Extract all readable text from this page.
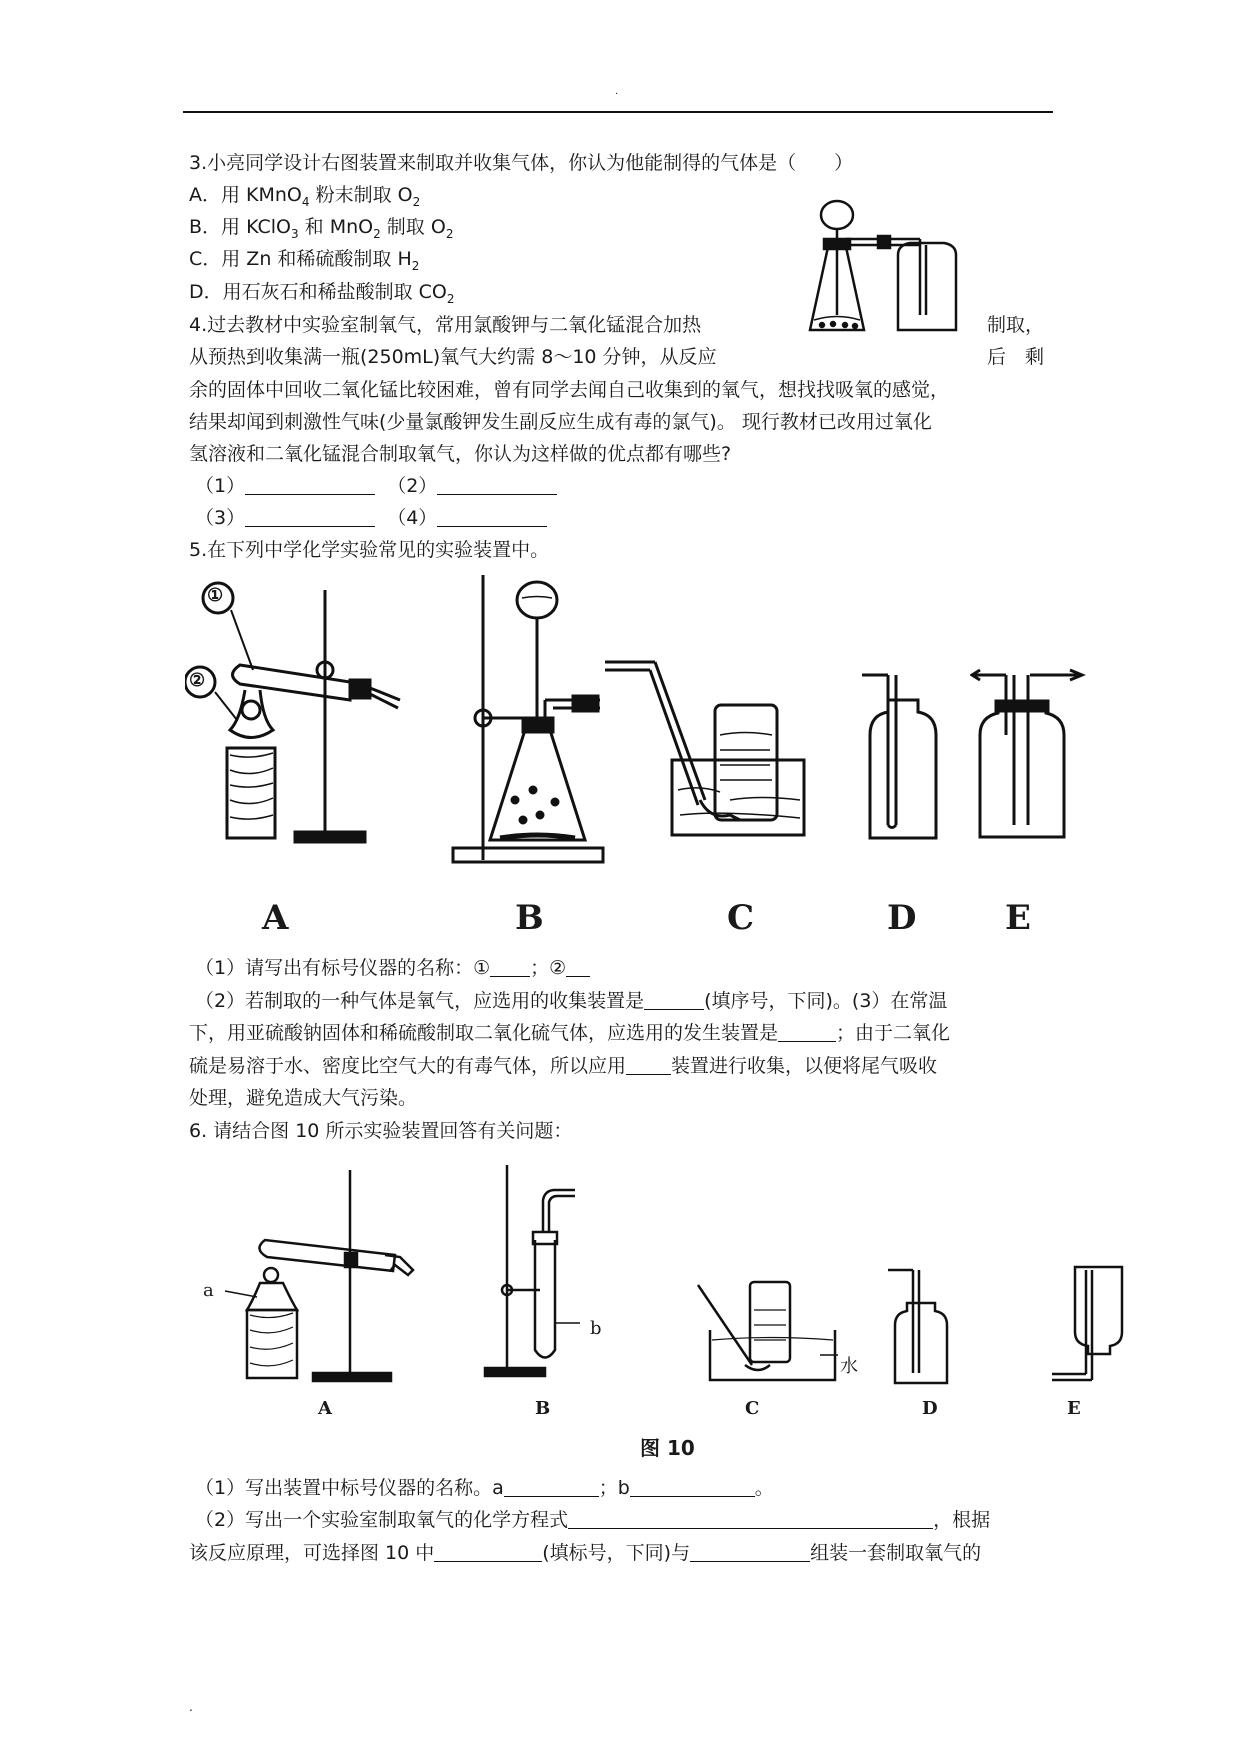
.
3.小亮同学设计右图装置来制取并收集气体，你认为他能制得的气体是（　　）
A．用 KMnO$_4$ 粉末制取 $O_2$
B．用 KClO$_3$ 和 MnO$_2$ 制取 $O_2$
C．用 Zn 和稀硫酸制取 $H_2$
D．用石灰石和稀盐酸制取 $CO_2$
4.过去教材中实验室制氧气，常用氯酸钾与二氧化锰混合加热	制取，
从预热到收集满一瓶(250mL)氧气大约需 8～10 分钟，从反应	后　剩
余的固体中回收二氧化锰比较困难，曾有同学去闻自己收集到的氧气，想找找吸氧的感觉，
结果却闻到刺激性气味(少量氯酸钾发生副反应生成有毒的氯气)。 现行教材已改用过氧化
氢溶液和二氧化锰混合制取氧气，你认为这样做的优点都有哪些?
（1）	（2）
（3）	（4）
5.在下列中学化学实验常见的实验装置中。
①
②
A	B	C	D	E
（1）请写出有标号仪器的名称：① ；②
（2）若制取的一种气体是氧气，应选用的收集装置是	(填序号，下同)。(3）在常温
下，用亚硫酸钠固体和稀硫酸制取二氧化硫气体，应选用的发生装置是	；由于二氧化
硫是易溶于水、密度比空气大的有毒气体，所以应用 装置进行收集，以便将尾气吸收
处理，避免造成大气污染。
6. 请结合图 10 所示实验装置回答有关问题：
a
b
水
A	B	C	D	E
图 10
（1）写出装置中标号仪器的名称。a	；b	。
（2）写出一个实验室制取氧气的化学方程式	，根据
该反应原理，可选择图 10 中	(填标号，下同)与	组装一套制取氧气的
.
